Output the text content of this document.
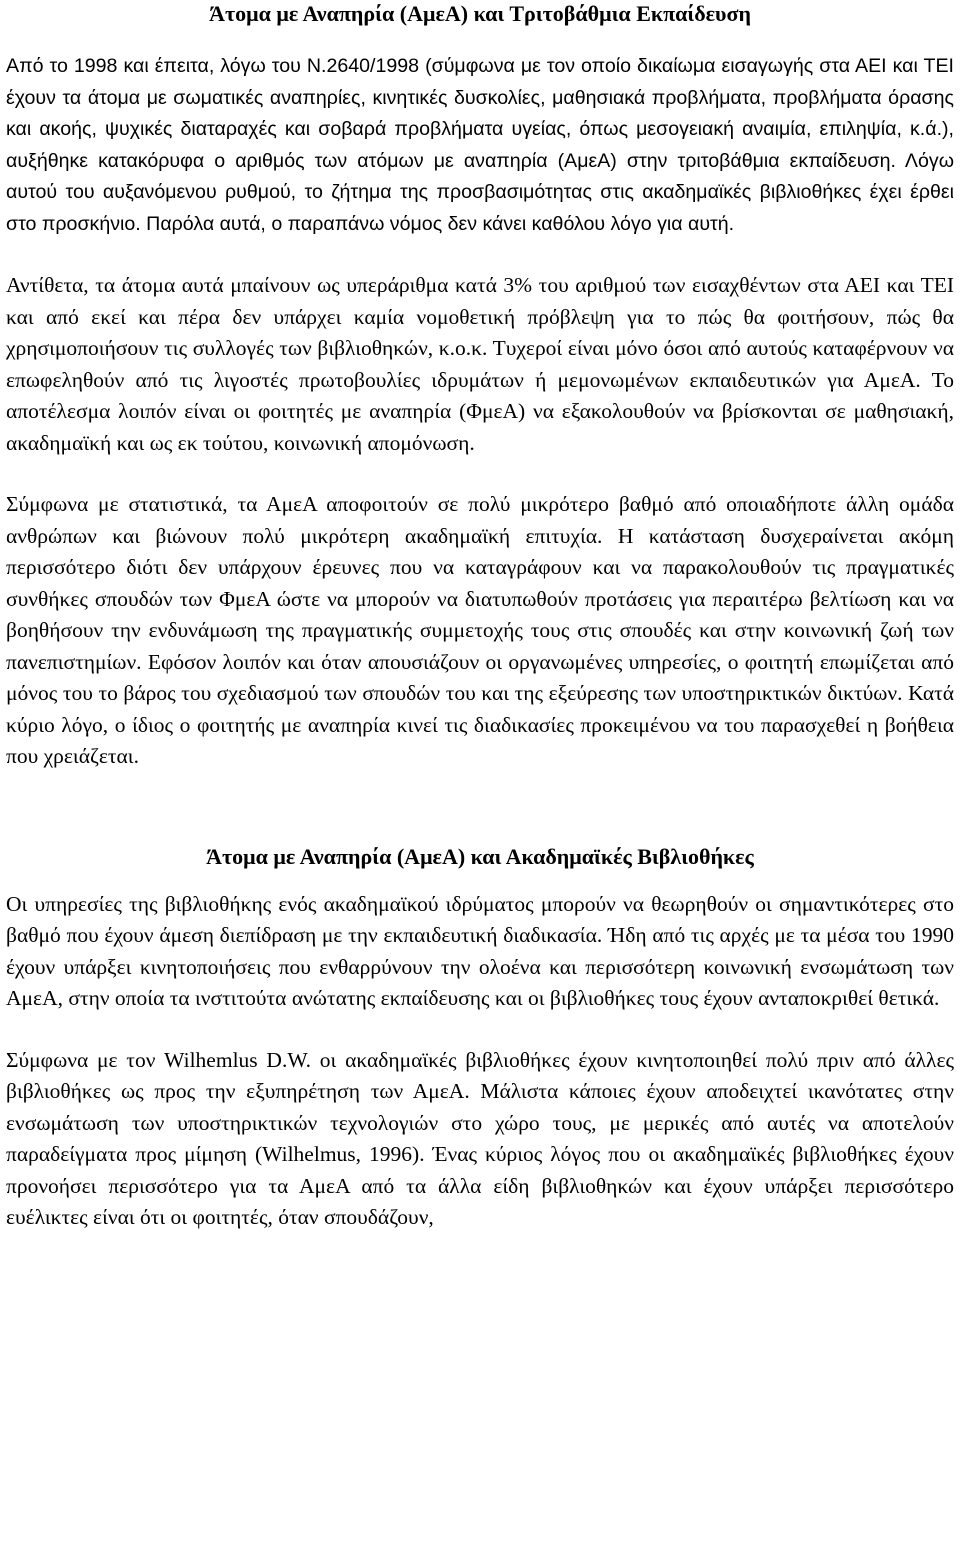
Άτομα με Αναπηρία (ΑμεΑ) και Τριτοβάθμια Εκπαίδευση

Από το 1998 και έπειτα, λόγω του Ν.2640/1998 (σύμφωνα με τον οποίο δικαίωμα εισαγωγής στα ΑΕΙ και ΤΕΙ έχουν τα άτομα με σωματικές αναπηρίες, κινητικές δυσκολίες, μαθησιακά προβλήματα, προβλήματα όρασης και ακοής, ψυχικές διαταραχές και σοβαρά προβλήματα υγείας, όπως μεσογειακή αναιμία, επιληψία, κ.ά.), αυξήθηκε κατακόρυφα ο αριθμός των ατόμων με αναπηρία (ΑμεΑ) στην τριτοβάθμια εκπαίδευση. Λόγω αυτού του αυξανόμενου ρυθμού, το ζήτημα της προσβασιμότητας στις ακαδημαϊκές βιβλιοθήκες έχει έρθει στο προσκήνιο. Παρόλα αυτά, ο παραπάνω νόμος δεν κάνει καθόλου λόγο για αυτή.

Αντίθετα, τα άτομα αυτά μπαίνουν ως υπεράριθμα κατά 3% του αριθμού των εισαχθέντων στα ΑΕΙ και ΤΕΙ και από εκεί και πέρα δεν υπάρχει καμία νομοθετική πρόβλεψη για το πώς θα φοιτήσουν, πώς θα χρησιμοποιήσουν τις συλλογές των βιβλιοθηκών, κ.ο.κ. Τυχεροί είναι μόνο όσοι από αυτούς καταφέρνουν να επωφεληθούν από τις λιγοστές πρωτοβουλίες ιδρυμάτων ή μεμονωμένων εκπαιδευτικών για ΑμεΑ. Το αποτέλεσμα λοιπόν είναι οι φοιτητές με αναπηρία (ΦμεΑ) να εξακολουθούν να βρίσκονται σε μαθησιακή, ακαδημαϊκή και ως εκ τούτου, κοινωνική απομόνωση.

Σύμφωνα με στατιστικά, τα ΑμεΑ αποφοιτούν σε πολύ μικρότερο βαθμό από οποιαδήποτε άλλη ομάδα ανθρώπων και βιώνουν πολύ μικρότερη ακαδημαϊκή επιτυχία. Η κατάσταση δυσχεραίνεται ακόμη περισσότερο διότι δεν υπάρχουν έρευνες που να καταγράφουν και να παρακολουθούν τις πραγματικές συνθήκες σπουδών των ΦμεΑ ώστε να μπορούν να διατυπωθούν προτάσεις για περαιτέρω βελτίωση και να βοηθήσουν την ενδυνάμωση της πραγματικής συμμετοχής τους στις σπουδές και στην κοινωνική ζωή των πανεπιστημίων. Εφόσον λοιπόν και όταν απουσιάζουν οι οργανωμένες υπηρεσίες, ο φοιτητή επωμίζεται από μόνος του το βάρος του σχεδιασμού των σπουδών του και της εξεύρεσης των υποστηρικτικών δικτύων. Κατά κύριο λόγο, ο ίδιος ο φοιτητής με αναπηρία κινεί τις διαδικασίες προκειμένου να του παρασχεθεί η βοήθεια που χρειάζεται.

Άτομα με Αναπηρία (ΑμεΑ) και Ακαδημαϊκές Βιβλιοθήκες

Οι υπηρεσίες της βιβλιοθήκης ενός ακαδημαϊκού ιδρύματος μπορούν να θεωρηθούν οι σημαντικότερες στο βαθμό που έχουν άμεση διεπίδραση με την εκπαιδευτική διαδικασία. Ήδη από τις αρχές με τα μέσα του 1990 έχουν υπάρξει κινητοποιήσεις που ενθαρρύνουν την ολοένα και περισσότερη κοινωνική ενσωμάτωση των ΑμεΑ, στην οποία τα ινστιτούτα ανώτατης εκπαίδευσης και οι βιβλιοθήκες τους έχουν ανταποκριθεί θετικά.

Σύμφωνα με τον Wilhemlus D.W. οι ακαδημαϊκές βιβλιοθήκες έχουν κινητοποιηθεί πολύ πριν από άλλες βιβλιοθήκες ως προς την εξυπηρέτηση των ΑμεΑ. Μάλιστα κάποιες έχουν αποδειχτεί ικανότατες στην ενσωμάτωση των υποστηρικτικών τεχνολογιών στο χώρο τους, με μερικές από αυτές να αποτελούν παραδείγματα προς μίμηση (Wilhelmus, 1996). Ένας κύριος λόγος που οι ακαδημαϊκές βιβλιοθήκες έχουν προνοήσει περισσότερο για τα ΑμεΑ από τα άλλα είδη βιβλιοθηκών και έχουν υπάρξει περισσότερο ευέλικτες είναι ότι οι φοιτητές, όταν σπουδάζουν,
